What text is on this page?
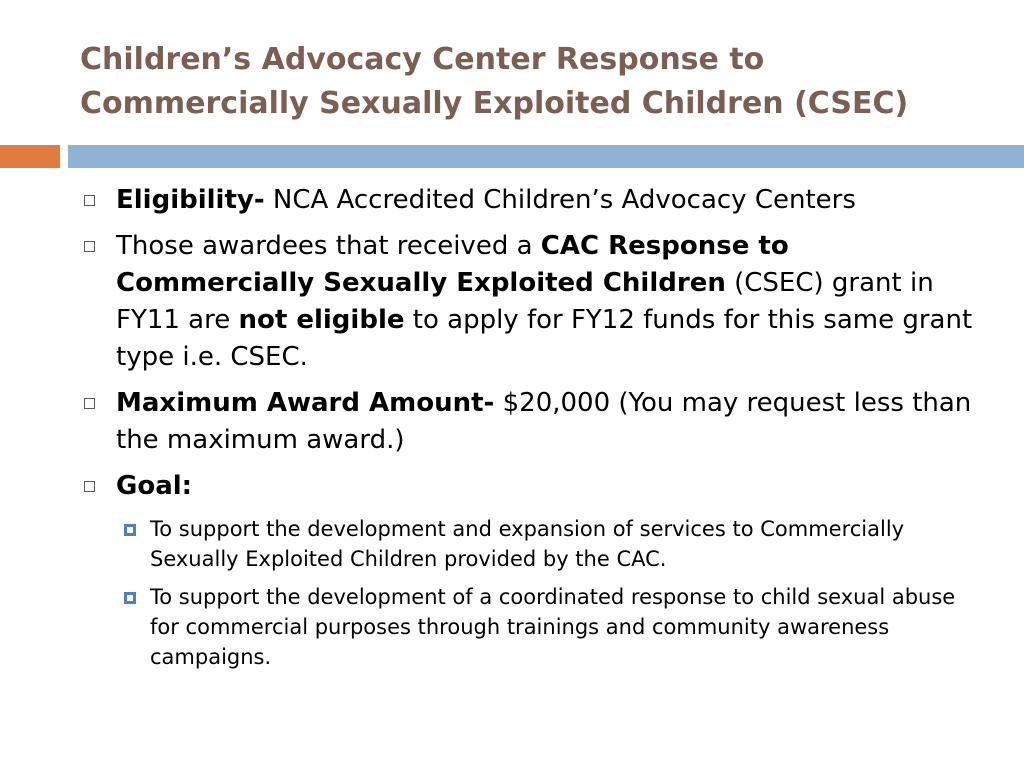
Children’s Advocacy Center Response to
Commercially Sexually Exploited Children (CSEC)
Eligibility- NCA Accredited Children’s Advocacy Centers
Those awardees that received a CAC Response to Commercially Sexually Exploited Children (CSEC) grant in FY11 are not eligible to apply for FY12 funds for this same grant type i.e. CSEC.
Maximum Award Amount- $20,000 (You may request less than the maximum award.)
Goal:
To support the development and expansion of services to Commercially Sexually Exploited Children provided by the CAC.
To support the development of a coordinated response to child sexual abuse for commercial purposes through trainings and community awareness campaigns.
